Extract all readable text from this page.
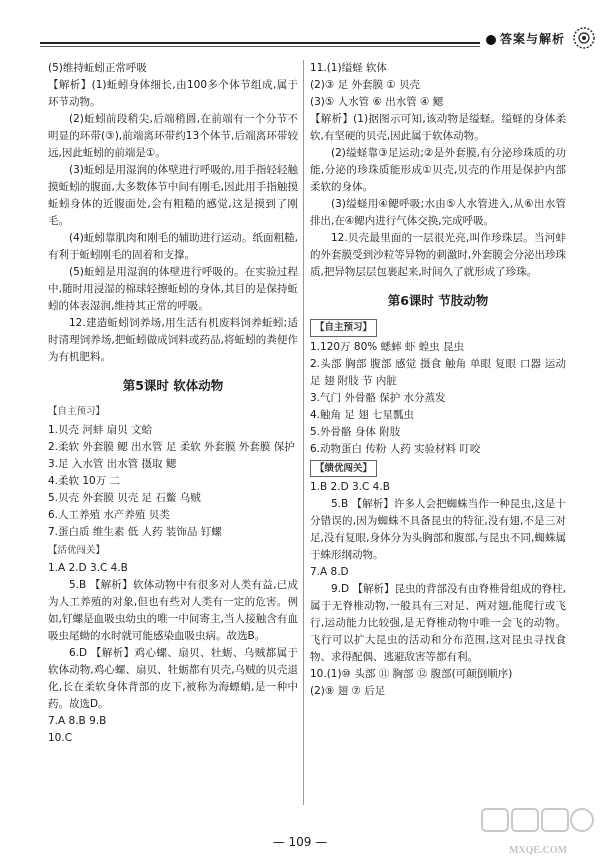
答案与解析

(5)维持蚯蚓正常呼吸

【解析】(1)蚯蚓身体细长,由100多个体节组成,属于环节动物。

(2)蚯蚓前段稍尖,后端稍圆,在前端有一个分节不明显的环带(③),前端离环带约13个体节,后端离环带较远,因此蚯蚓的前端是①。

(3)蚯蚓是用湿润的体壁进行呼吸的,用手指轻轻触摸蚯蚓的腹面,大多数体节中间有刚毛,因此用手指触摸蚯蚓身体的近腹面处,会有粗糙的感觉,这是摸到了刚毛。

(4)蚯蚓靠肌肉和刚毛的辅助进行运动。纸面粗糙,有利于蚯蚓刚毛的固着和支撑。

(5)蚯蚓是用湿润的体壁进行呼吸的。在实验过程中,随时用浸湿的棉球轻擦蚯蚓的身体,其目的是保持蚯蚓的体表湿润,维持其正常的呼吸。

12.建造蚯蚓饲养场,用生活有机废料饲养蚯蚓;适时清理饲养场,把蚯蚓做成饲料或药品,将蚯蚓的粪便作为有机肥料。

第5课时 软体动物
【自主预习】

1.贝壳 河蚌 扇贝 文蛤

2.柔软 外套膜 鳃 出水管 足 柔软 外套膜 外套膜 保护

3.足 入水管 出水管 摄取 鳃

4.柔软 10万 二

5.贝壳 外套膜 贝壳 足 石鳖 乌贼

6.人工养殖 水产养殖 贝类

7.蛋白质 维生素 低 人药 装饰品 钉螺

【活优闯关】

1.A 2.D 3.C 4.B

5.B 【解析】软体动物中有很多对人类有益,已成为人工养殖的对象,但也有些对人类有一定的危害。例如,钉螺是血吸虫幼虫的唯一中间寄主,当人接触含有血吸虫尾蚴的水时就可能感染血吸虫病。故选B。

6.D 【解析】鸡心螺、扇贝、牡蛎、乌贼都属于软体动物,鸡心螺、扇贝、牡蛎都有贝壳,乌贼的贝壳退化,长在柔软身体背部的皮下,被称为海螵蛸,是一种中药。故选D。

7.A 8.B 9.B

10.C

11.(1)缢蛏 软体

(2)③ 足 外套膜 ① 贝壳

(3)⑤ 人水管 ⑥ 出水管 ④ 鳃

【解析】(1)据图示可知,该动物是缢蛏。缢蛏的身体柔软,有坚硬的贝壳,因此属于软体动物。

(2)缢蛏靠③足运动;②是外套膜,有分泌珍珠质的功能,分泌的珍珠质能形成①贝壳,贝壳的作用是保护内部柔软的身体。

(3)缢蛏用④鳃呼吸;水由⑤人水管进入,从⑥出水管排出,在④鳃内进行气体交换,完成呼吸。

12.贝壳最里面的一层很光亮,叫作珍珠层。当河蚌的外套膜受到沙粒等异物的刺激时,外套膜会分泌出珍珠质,把异物层层包裹起来,时间久了就形成了珍珠。

第6课时 节肢动物
【自主预习】

1.120万 80% 蟋蟀 虾 蝗虫 昆虫

2.头部 胸部 腹部 感觉 摄食 触角 单眼 复眼 口器 运动 足 翅 附肢 节 内脏

3.气门 外骨骼 保护 水分蒸发

4.触角 足 翅 七星瓢虫

5.外骨骼 身体 附肢

6.动物蛋白 传粉 人药 实验材料 叮咬

【绩优闯关】

1.B 2.D 3.C 4.B

5.B 【解析】许多人会把蜘蛛当作一种昆虫,这是十分错误的,因为蜘蛛不具备昆虫的特征,没有翅,不是三对足,没有复眼,身体分为头胸部和腹部,与昆虫不同,蜘蛛属于蛛形纲动物。

7.A 8.D

9.D 【解析】昆虫的背部没有由脊椎骨组成的脊柱,属于无脊椎动物,一般具有三对足、两对翅,能爬行或飞行,运动能力比较强,是无脊椎动物中唯一会飞的动物。飞行可以扩大昆虫的活动和分布范围,这对昆虫寻找食物、求得配偶、逃避敌害等都有利。

10.(1)⑩ 头部 ⑪ 胸部 ⑫ 腹部(可颠倒顺序)

(2)⑨ 翅 ⑦ 后足

— 109 —
MXQE.COM
